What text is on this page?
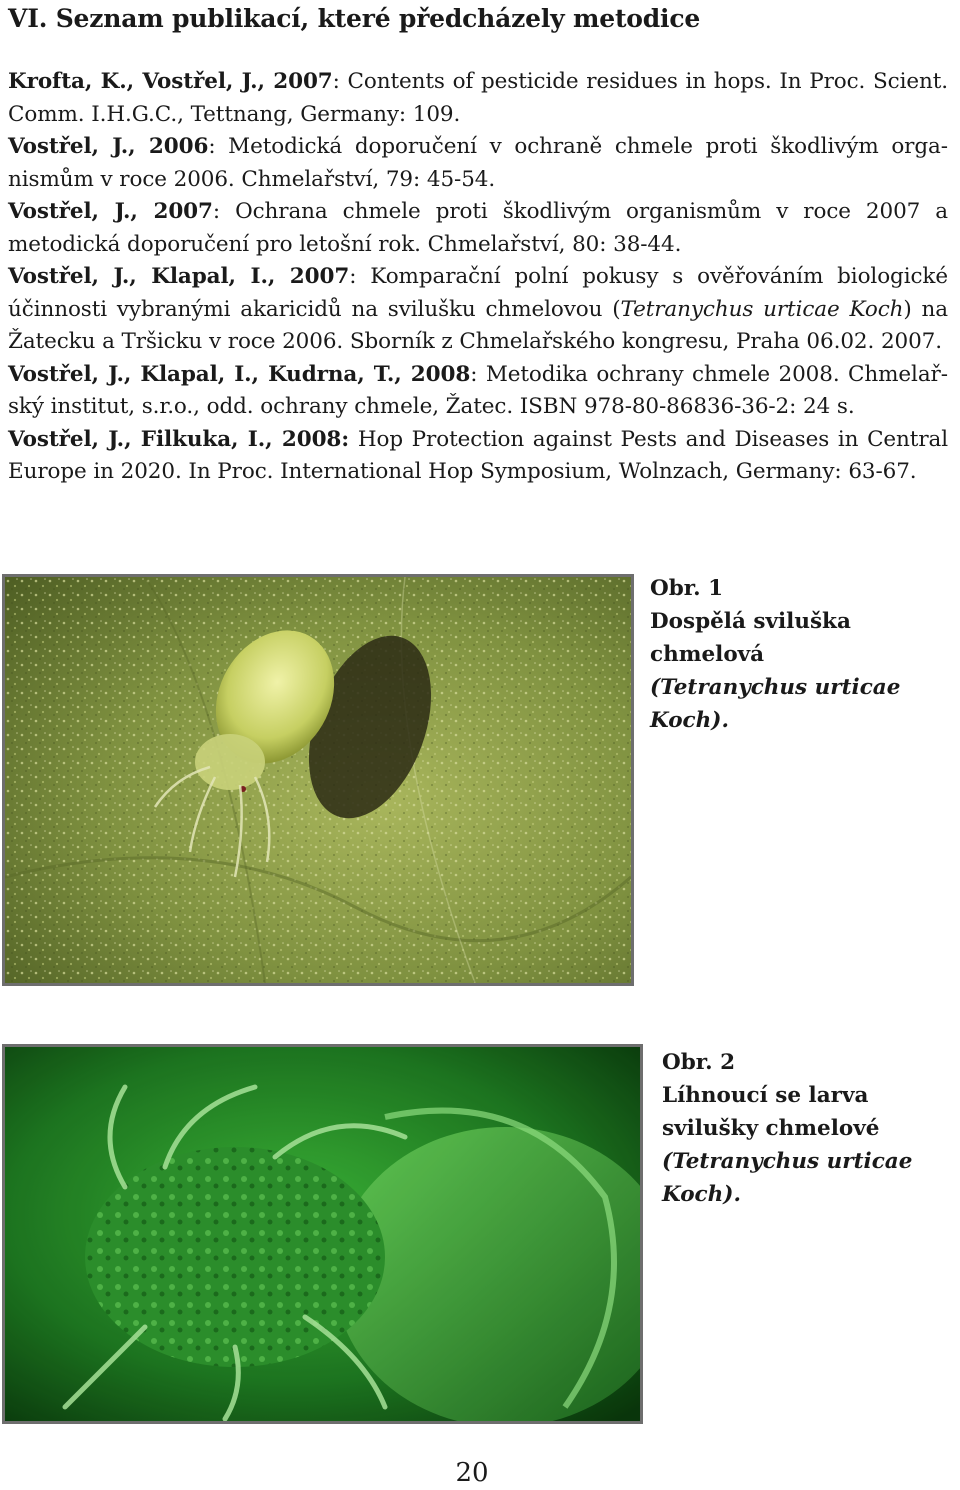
VI. Seznam publikací, které předcházely metodice

Krofta, K., Vostřel, J., 2007: Contents of pesticide residues in hops. In Proc. Scient. Comm. I.H.G.C., Tettnang, Germany: 109.

Vostřel, J., 2006: Metodická doporučení v ochraně chmele proti škodlivým organismům v roce 2006. Chmelařství, 79: 45-54.

Vostřel, J., 2007: Ochrana chmele proti škodlivým organismům v roce 2007 a metodická doporučení pro letošní rok. Chmelařství, 80: 38-44.

Vostřel, J., Klapal, I., 2007: Komparační polní pokusy s ověřováním biologické účinnosti vybranými akaricidů na svilušku chmelovou (Tetranychus urticae Koch) na Žatecku a Tršicku v roce 2006. Sborník z Chmelařského kongresu, Praha 06.02. 2007.

Vostřel, J., Klapal, I., Kudrna, T., 2008: Metodika ochrany chmele 2008. Chmelařský institut, s.r.o., odd. ochrany chmele, Žatec. ISBN 978-80-86836-36-2: 24 s.

Vostřel, J., Filkuka, I., 2008: Hop Protection against Pests and Diseases in Central Europe in 2020. In Proc. International Hop Symposium, Wolnzach, Germany: 63-67.

Obr. 1
Dospělá sviluška chmelová
(Tetranychus urticae Koch).
Obr. 2
Líhnoucí se larva svilušky chmelové (Tetranychus urticae Koch).
20
